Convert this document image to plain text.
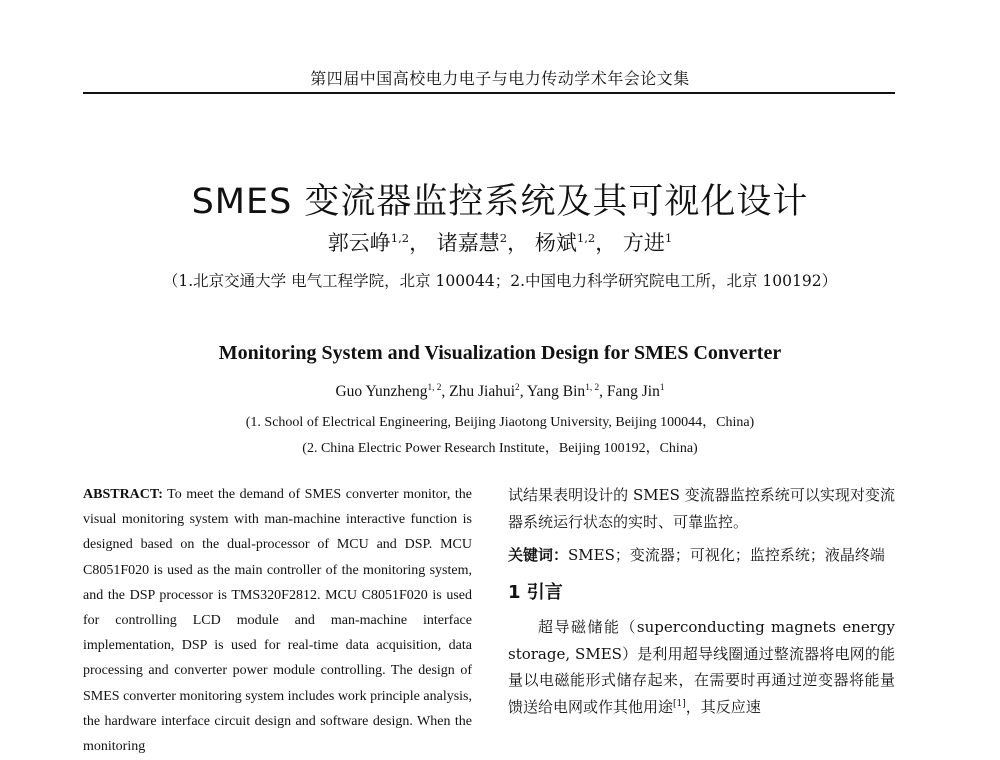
第四届中国高校电力电子与电力传动学术年会论文集
SMES 变流器监控系统及其可视化设计
郭云峥$^{1,2}$， 诸嘉慧$^2$， 杨斌$^{1,2}$， 方进$^1$
（1.北京交通大学 电气工程学院，北京 100044；2.中国电力科学研究院电工所，北京 100192）
Monitoring System and Visualization Design for SMES Converter
Guo Yunzheng$^{1, 2}$, Zhu Jiahui$^2$, Yang Bin$^{1, 2}$, Fang Jin$^1$
(1. School of Electrical Engineering, Beijing Jiaotong University, Beijing 100044，China)
(2. China Electric Power Research Institute，Beijing 100192，China)
ABSTRACT: To meet the demand of SMES converter monitor, the visual monitoring system with man-machine interactive function is designed based on the dual-processor of MCU and DSP. MCU C8051F020 is used as the main controller of the monitoring system, and the DSP processor is TMS320F2812. MCU C8051F020 is used for controlling LCD module and man-machine interface implementation, DSP is used for real-time data acquisition, data processing and converter power module controlling. The design of SMES converter monitoring system includes work principle analysis, the hardware interface circuit design and software design. When the monitoring

试结果表明设计的 SMES 变流器监控系统可以实现对变流器系统运行状态的实时、可靠监控。

关键词：SMES；变流器；可视化；监控系统；液晶终端

1 引言

超导磁储能（superconducting magnets energy storage, SMES）是利用超导线圈通过整流器将电网的能量以电磁能形式储存起来，在需要时再通过逆变器将能量馈送给电网或作其他用途[1]，其反应速
